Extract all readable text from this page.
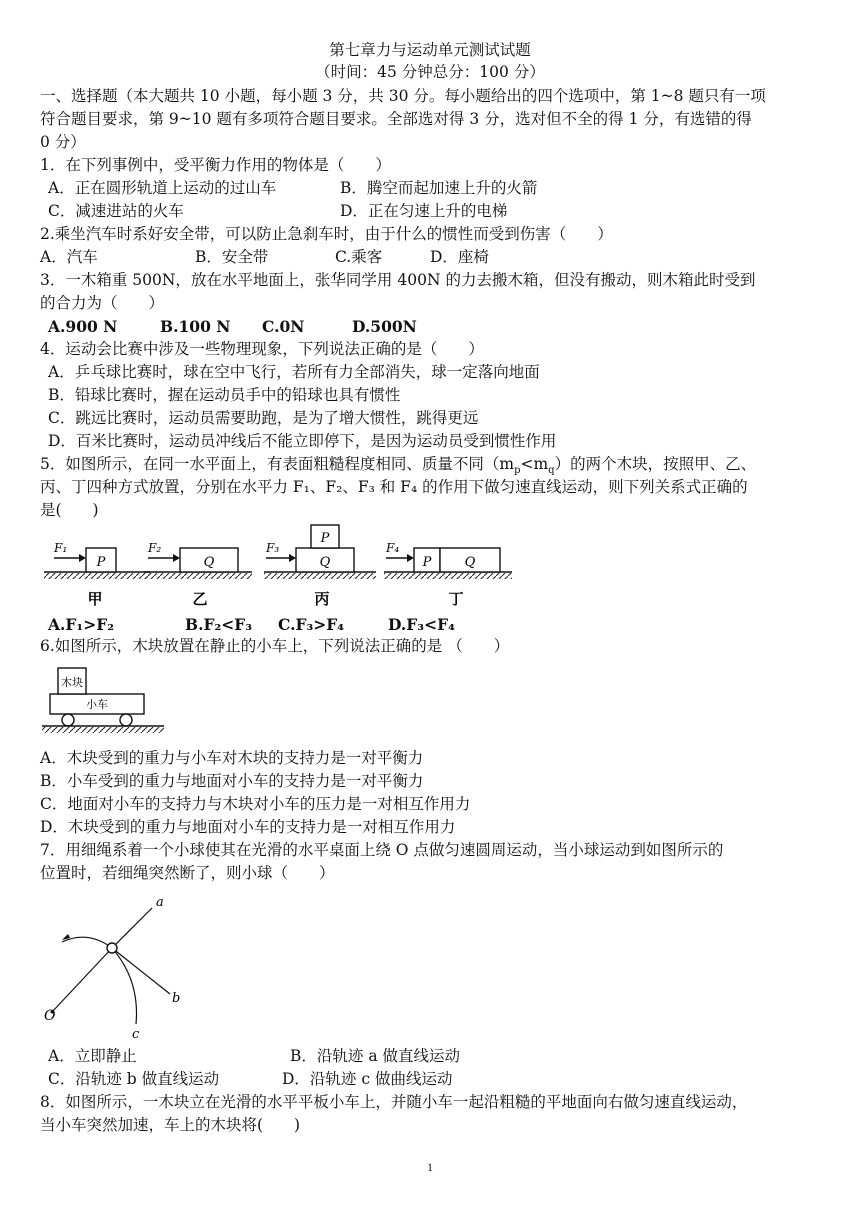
第七章力与运动单元测试试题
（时间：45 分钟总分：100 分）
一、选择题（本大题共 10 小题，每小题 3 分，共 30 分。每小题给出的四个选项中，第 1~8 题只有一项
符合题目要求，第 9~10 题有多项符合题目要求。全部选对得 3 分，选对但不全的得 1 分，有选错的得
0 分）
1．在下列事例中，受平衡力作用的物体是（　　）
A．正在圆形轨道上运动的过山车	B．腾空而起加速上升的火箭
C．减速进站的火车	D．正在匀速上升的电梯
2.乘坐汽车时系好安全带，可以防止急刹车时，由于什么的惯性而受到伤害（　　）
A．汽车	B．安全带	C.乘客	D．座椅
3．一木箱重 500N，放在水平地面上，张华同学用 400N 的力去搬木箱，但没有搬动，则木箱此时受到
的合力为（　　）
A.900 N	B.100 N C.0N	D.500N
4．运动会比赛中涉及一些物理现象，下列说法正确的是（　　）
A．乒乓球比赛时，球在空中飞行，若所有力全部消失，球一定落向地面
B．铅球比赛时，握在运动员手中的铅球也具有惯性
C．跳远比赛时，运动员需要助跑，是为了增大惯性，跳得更远
D．百米比赛时，运动员冲线后不能立即停下，是因为运动员受到惯性作用
5．如图所示，在同一水平面上，有表面粗糙程度相同、质量不同$(m_p<m_q)$的两个木块，按照甲、乙、
丙、丁四种方式放置，分别在水平力 F₁、F₂、F₃ 和 F₄ 的作用下做匀速直线运动，则下列关系式正确的
是(　　)
P
F₁
甲
Q
F₂
乙
Q
P
F₃
丙
P	Q
F₄
丁
A.F₁>F₂	B.F₂<F₃ C.F₃>F₄	D.F₃<F₄
6.如图所示，木块放置在静止的小车上，下列说法正确的是 （　　）
木块
小车
A．木块受到的重力与小车对木块的支持力是一对平衡力
B．小车受到的重力与地面对小车的支持力是一对平衡力
C．地面对小车的支持力与木块对小车的压力是一对相互作用力
D．木块受到的重力与地面对小车的支持力是一对相互作用力
7．用细绳系着一个小球使其在光滑的水平桌面上绕 O 点做匀速圆周运动，当小球运动到如图所示的
位置时，若细绳突然断了，则小球（　　）
O
a
b
c
A．立即静止	B．沿轨迹 a 做直线运动
C．沿轨迹 b 做直线运动	D．沿轨迹 c 做曲线运动
8．如图所示，一木块立在光滑的水平平板小车上，并随小车一起沿粗糙的平地面向右做匀速直线运动，
当小车突然加速，车上的木块将(　　)
1
